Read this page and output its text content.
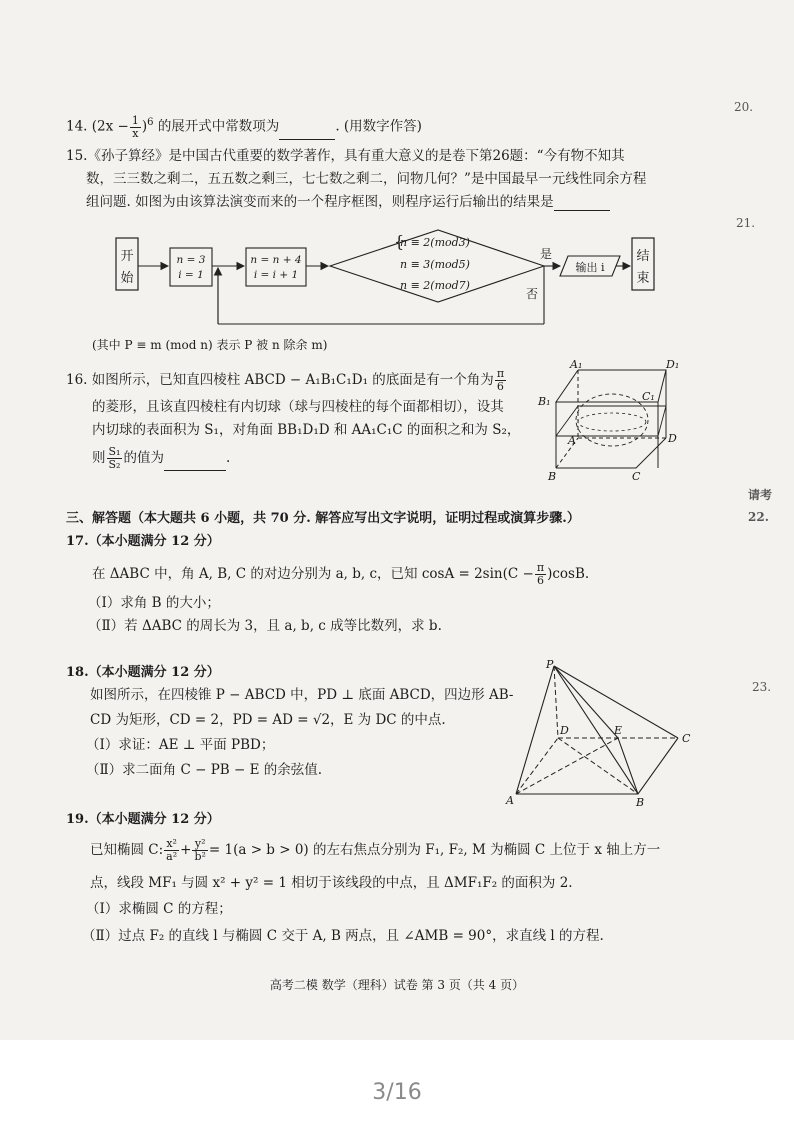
14. $(2x - \frac{1}{x} )^6$ 的展开式中常数项为	. (用数字作答)
15.《孙子算经》是中国古代重要的数学著作，具有重大意义的是卷下第26题：“今有物不知其
数，三三数之剩二，五五数之剩三，七七数之剩二，问物几何？”是中国最早一元线性同余方程
组问题. 如图为由该算法演变而来的一个程序框图，则程序运行后输出的结果是
开
始
n = 3
i = 1
n = n + 4
i = i + 1
{
n ≡ 2(mod3)
n ≡ 3(mod5)
n ≡ 2(mod7)
是
输出 i
结
束
否
(其中 P ≡ m (mod n) 表示 P 被 n 除余 m)
16. 如图所示，已知直四棱柱 ABCD − A₁B₁C₁D₁ 的底面是有一个角为 $\frac{\pi}{6}$
的菱形，且该直四棱柱有内切球（球与四棱柱的每个面都相切），设其
内切球的表面积为 S₁，对角面 BB₁D₁D 和 AA₁C₁C 的面积之和为 S₂，
则 $\frac{\text{S₁}}{\text{S₂}}$ 的值为	.
A₁	D₁
B₁	C₁
A	D
B	C
三、解答题（本大题共 6 小题，共 70 分. 解答应写出文字说明，证明过程或演算步骤.）
17.（本小题满分 12 分）
在 ΔABC 中，角 A, B, C 的对边分别为 a, b, c，已知 $\cos A = 2\sin(C - \frac{\pi}{6} )\cos B$.
（Ⅰ）求角 B 的大小；
（Ⅱ）若 ΔABC 的周长为 3，且 a, b, c 成等比数列，求 b.
18.（本小题满分 12 分）
如图所示，在四棱锥 P − ABCD 中，PD ⊥ 底面 ABCD，四边形 AB-
CD 为矩形，CD = 2，PD = AD = √2，E 为 DC 的中点.
（Ⅰ）求证：AE ⊥ 平面 PBD；
（Ⅱ）求二面角 C − PB − E 的余弦值.
P
D	E
C
A	B
19.（本小题满分 12 分）
已知椭圆 C: $\frac{\text{x²}}{\text{a²}} + \frac{\text{y²}}{\text{b²}} = 1(a > b > 0)$ 的左右焦点分别为 F₁, F₂, M 为椭圆 C 上位于 x 轴上方一
点，线段 MF₁ 与圆 x² + y² = 1 相切于该线段的中点，且 ΔMF₁F₂ 的面积为 2.
（Ⅰ）求椭圆 C 的方程；
（Ⅱ）过点 F₂ 的直线 l 与椭圆 C 交于 A, B 两点，且 ∠AMB = 90°，求直线 l 的方程.
高考二模 数学（理科）试卷 第 3 页（共 4 页）
20.
21.
请考
22.
23.
3/16
